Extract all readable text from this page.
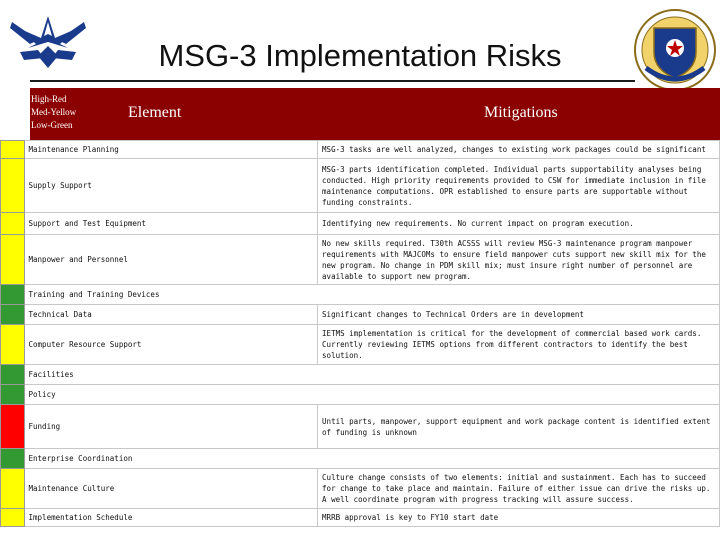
MSG-3 Implementation Risks
High-Red
Med-Yellow
Low-Green
Element	Mitigations
	Maintenance Planning	MSG-3 tasks are well analyzed, changes to existing work packages could be significant
	Supply Support	MSG-3 parts identification completed. Individual parts supportability analyses being conducted. High priority requirements provided to CSW for immediate inclusion in file maintenance computations. OPR established to ensure parts are supportable without funding constraints.
	Support and Test Equipment	Identifying new requirements. No current impact on program execution.
	Manpower and Personnel	No new skills required. T30th ACSSS will review MSG-3 maintenance program manpower requirements with MAJCOMs to ensure field manpower cuts support new skill mix for the new program. No change in PDM skill mix; must insure right number of personnel are available to support new program.
	Training and Training Devices	
	Technical Data	Significant changes to Technical Orders are in development
	Computer Resource Support	IETMS implementation is critical for the development of commercial based work cards. Currently reviewing IETMS options from different contractors to identify the best solution.
	Facilities	
	Policy	
	Funding	Until parts, manpower, support equipment and work package content is identified extent of funding is unknown
	Enterprise Coordination	
	Maintenance Culture	Culture change consists of two elements: initial and sustainment. Each has to succeed for change to take place and maintain. Failure of either issue can drive the risks up. A well coordinate program with progress tracking will assure success.
	Implementation Schedule	MRRB approval is key to FY10 start date
